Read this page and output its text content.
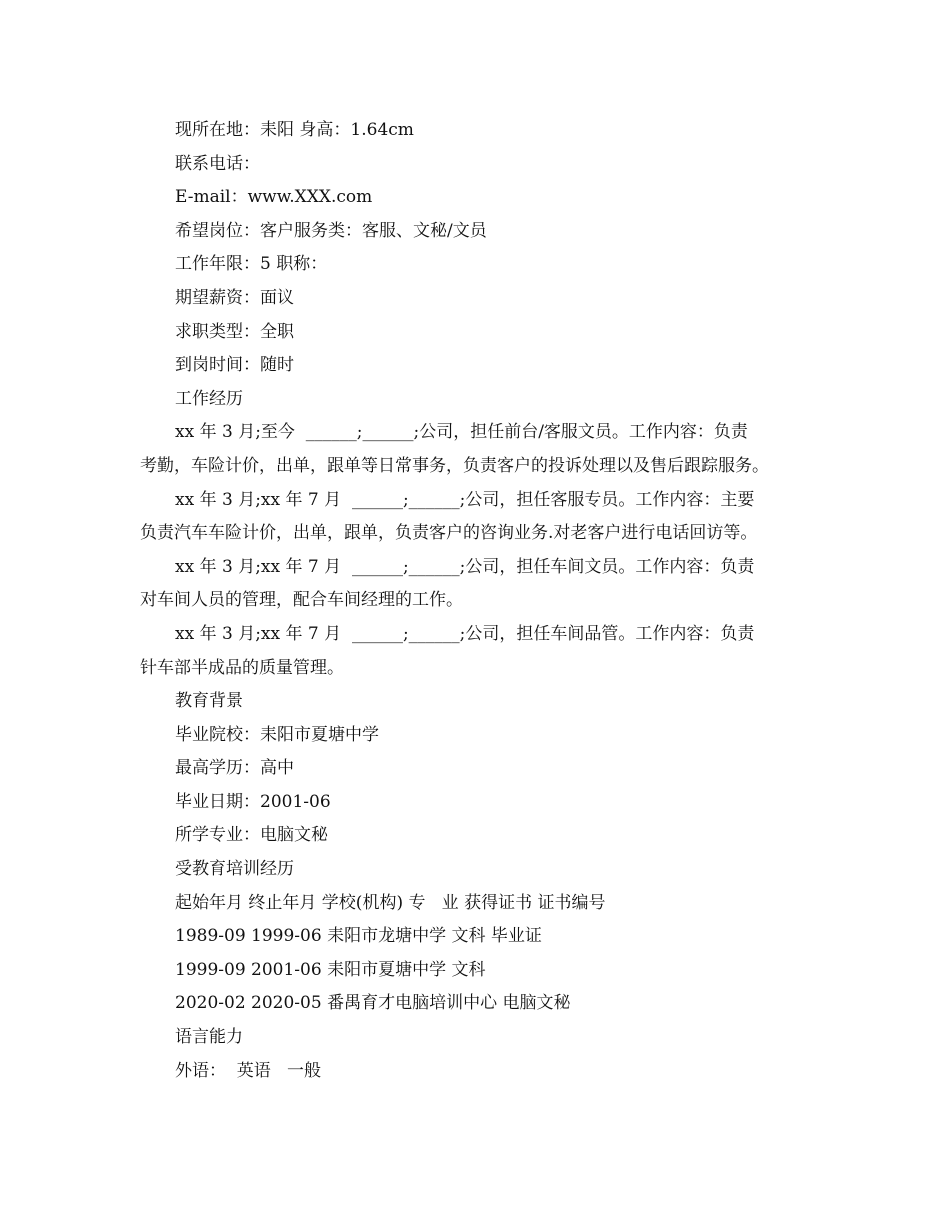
现所在地：耒阳 身高：1.64cm
联系电话：
E-mail：www.XXX.com
希望岗位：客户服务类：客服、文秘/文员
工作年限：5 职称：
期望薪资：面议
求职类型：全职
到岗时间：随时
工作经历
xx 年 3 月;至今  ______;______;公司，担任前台/客服文员。工作内容：负责
考勤，车险计价，出单，跟单等日常事务，负责客户的投诉处理以及售后跟踪服务。
xx 年 3 月;xx 年 7 月  ______;______;公司，担任客服专员。工作内容：主要
负责汽车车险计价，出单，跟单，负责客户的咨询业务.对老客户进行电话回访等。
xx 年 3 月;xx 年 7 月  ______;______;公司，担任车间文员。工作内容：负责
对车间人员的管理，配合车间经理的工作。
xx 年 3 月;xx 年 7 月  ______;______;公司，担任车间品管。工作内容：负责
针车部半成品的质量管理。
教育背景
毕业院校：耒阳市夏塘中学
最高学历：高中
毕业日期：2001-06
所学专业：电脑文秘
受教育培训经历
起始年月 终止年月 学校(机构) 专   业 获得证书 证书编号
1989-09 1999-06 耒阳市龙塘中学 文科 毕业证
1999-09 2001-06 耒阳市夏塘中学 文科
2020-02 2020-05 番禺育才电脑培训中心 电脑文秘
语言能力
外语：  英语   一般
